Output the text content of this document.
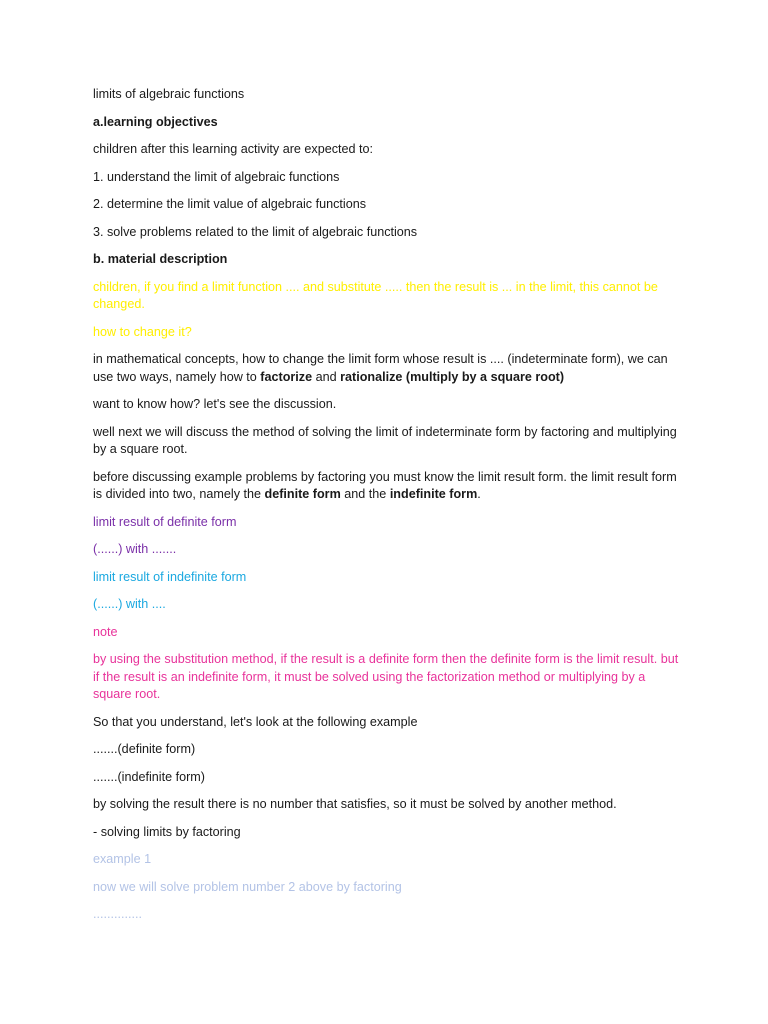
limits of algebraic functions

a.learning objectives

children after this learning activity are expected to:

1. understand the limit of algebraic functions

2. determine the limit value of algebraic functions

3. solve problems related to the limit of algebraic functions

b. material description

children, if you find a limit function .... and substitute ..... then the result is ... in the limit, this cannot be changed.

how to change it?

in mathematical concepts, how to change the limit form whose result is .... (indeterminate form), we can use two ways, namely how to factorize and rationalize (multiply by a square root)

want to know how? let's see the discussion.

well next we will discuss the method of solving the limit of indeterminate form by factoring and multiplying by a square root.

before discussing example problems by factoring you must know the limit result form. the limit result form is divided into two, namely the definite form and the indefinite form.

limit result of definite form

(......) with .......

limit result of indefinite form

(......) with ....

note

by using the substitution method, if the result is a definite form then the definite form is the limit result. but if the result is an indefinite form, it must be solved using the factorization method or multiplying by a square root.

So that you understand, let's look at the following example

.......(definite form)

.......(indefinite form)

by solving the result there is no number that satisfies, so it must be solved by another method.

- solving limits by factoring

example 1

now we will solve problem number 2 above by factoring

..............
